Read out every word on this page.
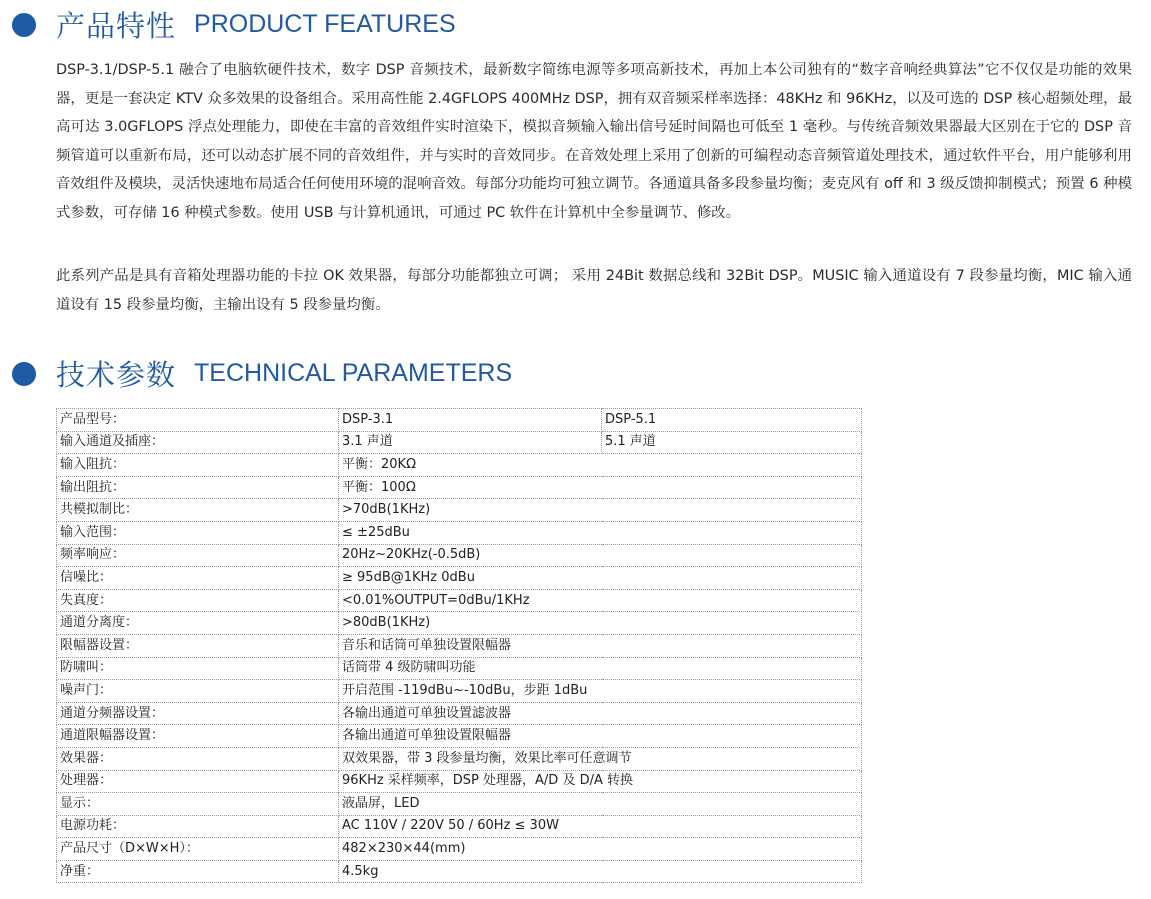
产品特性 PRODUCT FEATURES

DSP-3.1/DSP-5.1 融合了电脑软硬件技术，数字 DSP 音频技术，最新数字简练电源等多项高新技术，再加上本公司独有的“数字音响经典算法”它不仅仅是功能的效果器，更是一套决定 KTV 众多效果的设备组合。采用高性能 2.4GFLOPS 400MHz DSP，拥有双音频采样率选择：48KHz 和 96KHz，以及可选的 DSP 核心超频处理，最高可达 3.0GFLOPS 浮点处理能力，即使在丰富的音效组件实时渲染下，模拟音频输入输出信号延时间隔也可低至 1 毫秒。与传统音频效果器最大区别在于它的 DSP 音频管道可以重新布局，还可以动态扩展不同的音效组件，并与实时的音效同步。在音效处理上采用了创新的可编程动态音频管道处理技术，通过软件平台，用户能够利用音效组件及模块，灵活快速地布局适合任何使用环境的混响音效。每部分功能均可独立调节。各通道具备多段参量均衡；麦克风有 off 和 3 级反馈抑制模式；预置 6 种模式参数，可存储 16 种模式参数。使用 USB 与计算机通讯，可通过 PC 软件在计算机中全参量调节、修改。

此系列产品是具有音箱处理器功能的卡拉 OK 效果器，每部分功能都独立可调； 采用 24Bit 数据总线和 32Bit DSP。MUSIC 输入通道设有 7 段参量均衡，MIC 输入通道设有 15 段参量均衡，主输出设有 5 段参量均衡。

技术参数 TECHNICAL PARAMETERS
产品型号：	DSP-3.1	DSP-5.1
输入通道及插座：	3.1 声道	5.1 声道
输入阻抗：	平衡：20KΩ	
输出阻抗：	平衡：100Ω	
共模拟制比：	>70dB(1KHz)	
输入范围：	≤ ±25dBu	
频率响应：	20Hz~20KHz(-0.5dB)	
信噪比：	≥ 95dB@1KHz 0dBu	
失真度：	<0.01%OUTPUT=0dBu/1KHz	
通道分离度：	>80dB(1KHz)	
限幅器设置：	音乐和话筒可单独设置限幅器	
防啸叫：	话筒带 4 级防啸叫功能	
噪声门：	开启范围 -119dBu~-10dBu，步距 1dBu	
通道分频器设置：	各输出通道可单独设置滤波器	
通道限幅器设置：	各输出通道可单独设置限幅器	
效果器：	双效果器，带 3 段参量均衡，效果比率可任意调节	
处理器：	96KHz 采样频率，DSP 处理器，A/D 及 D/A 转换	
显示：	液晶屏，LED	
电源功耗：	AC 110V / 220V 50 / 60Hz ≤ 30W	
产品尺寸（D×W×H）：	482×230×44(mm)	
净重：	4.5kg	
